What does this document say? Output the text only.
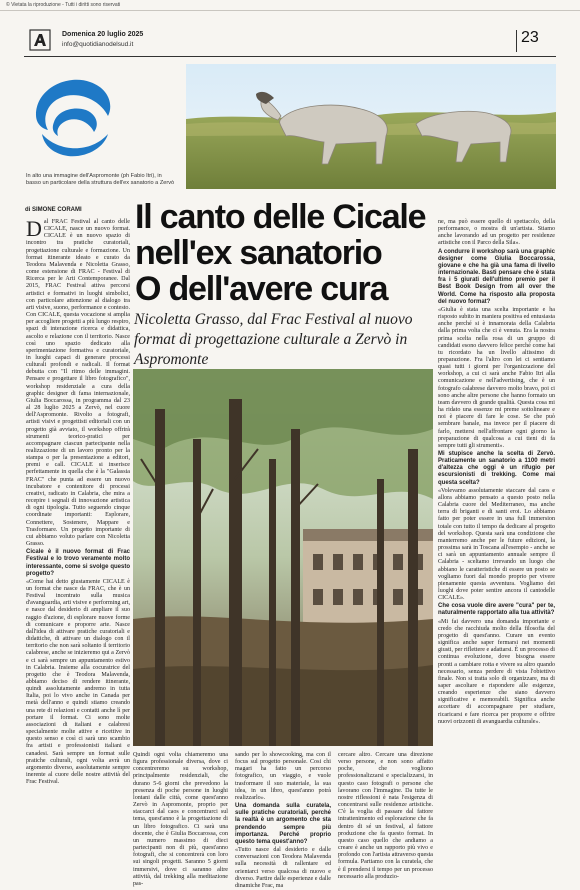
© Vietata la riproduzione - Tutti i diritti sono riservati
Domenica 20 luglio 2025
info@quotidianodelsud.it	23
In alto una immagine dell'Aspromonte (ph Fabio Itri), in basso un particolare della struttura dell'ex sanatorio a Zervò
di SIMONE CORAMI Il canto delle Cicale
nell'ex sanatorio
O dell'avere cura
Nicoletta Grasso, dal Frac Festival al nuovo format di progettazione culturale a Zervò in Aspromonte

Dal FRAC Festival al canto delle CICALE, nasce un nuovo format. CICALE è un nuovo spazio di incontro tra pratiche curatoriali, progettazione culturale e formazione. Un format itinerante ideato e curato da Teodora Malavenda e Nicoletta Grasso, come estensione di FRAC - Festival di Ricerca per le Arti Contemporanee. Dal 2015, FRAC Festival attiva percorsi artistici e formativi in luoghi simbolici, con particolare attenzione al dialogo tra arti visive, suono, performance e contesto. Con CICALE, questa vocazione si amplia per accogliere progetti a più lungo respiro, spazi di interazione ricerca e didattica, ascolto e relazione con il territorio. Nasce così uno spazio dedicato alla sperimentazione formativa e curatoriale, in luoghi capaci di generare processi culturali profondi e radicali. Il format debutta con "Il ritmo delle immagini. Pensare e progettare il libro fotografico", workshop residenziale a cura della graphic designer di fama internazionale, Giulia Boccarossa, in programma dal 23 al 28 luglio 2025 a Zervò, nel cuore dell'Aspromonte. Rivolto a fotografi, artisti visivi e progettisti editoriali con un progetto già avviato, il workshop offrirà strumenti teorico-pratici per accompagnare ciascun partecipante nella realizzazione di un lavoro pronto per la stampa o per la presentazione a editori, premi e call. CICALE si inserisce perfettamente in quella che è la "Galassia FRAC" che punta ad essere un nuovo incubatore e contenitore di processi creativi, radicato in Calabria, che mira a recepire i segnali di innovazione artistica di ogni tipologia. Tutto seguendo cinque coordinate importanti: Esplorare, Connettere, Sostenere, Mappare e Trasformare. Un progetto importante di cui abbiamo voluto parlare con Nicoletta Grasso.

Cicale è il nuovo format di Frac Festival e lo trovo veramente molto interessante, come si svolge questo progetto?

«Come hai detto giustamente CICALE è un format che nasce da FRAC, che è un Festival incentrato sulla musica d'avanguardia, arti visive e performing art, e nasce dal desiderio di ampliare il suo raggio d'azione, di esplorare nuove forme di comunicare e proporre arte. Nasce dall'idea di attivare pratiche curatoriali e didattiche, di attivare un dialogo con il territorio che non sarà soltanto il territorio calabrese, anche se inizieremo qui a Zervò e ci sarà sempre un appuntamento estivo in Calabria. Insieme alla cocuratrice del progetto che è Teodora Malavenda, abbiamo deciso di rendere itinerante, quindi assolutamente andremo in tutta Italia, poi lo vivo anche in Canada per metà dell'anno e quindi stiamo creando una rete di relazioni e contatti anche lì per portare il format. Ci sono molte associazioni di italiani e calabresi specialmente molte attive e ricettive in questo senso e così ci sarà uno scambio fra artisti e professionisti italiani e canadesi. Sarà sempre un format sulle pratiche culturali, ogni volta avrà un argomento diverso, assolutamente sempre inerente al cuore delle nostre attività del Frac Festival.

Quindi ogni volta chiameremo una figura professionale diversa, dove ci concentreremo su workshop, principalmente residenziali, che durano 5-6 giorni che prevedono la presenza di poche persone in luoghi lontani dalle città, come quest'anno Zervò in Aspromonte, proprio per staccarci dal caos e concentrarci sul tema, quest'anno è la progettazione di un libro fotografico. Ci sarà una docente, che è Giulia Boccarossa, con un numero massimo di dieci partecipanti non di più, quest'anno fotografi, che si concentrerà con loro sui singoli progetti. Saranno 5 giorni immersivi, dove ci saranno altre attività, dal trekking alla meditazione pas-

sando per lo showcooking, ma con il focus sul progetto personale. Cosi chi magari ha fatto un percorso fotografico, un viaggio, e vuole trasformare il suo materiale, la sua idea, in un libro, quest'anno potrà realizzarlo».

Una domanda sulla curatela, sulle pratiche curatoriali, perché la realtà è un argomento che sta prendendo sempre più importanza. Perché proprio questo tema quest'anno?

«Tutto nasce dal desiderio e dalle conversazioni con Teodora Malavenda sulla necessità di rallentare ed orientarci verso qualcosa di nuovo e diverso. Partire dalle esperienze e dalle dinamiche Frac, ma

cercare altro. Cercare una direzione verso persone, e non sono affatto poche, che vogliono professionalizzarsi e specializzarsi, in questo caso fotografi o persone che lavorano con l'immagine. Da tutte le nostre riflessioni è nata l'esigenza di concentrarsi sulle residenze artistiche. C'è la voglia di passare dal fattore intrattenimento ed esplorazione che fa dentro di sé un festival, al fattore produzione che fa questo format. In questo caso quello che andiamo a creare è anche un rapporto più vivo e profondo con l'artista attraverso questa formula. Partiamo con la curatela, che è il prendersi il tempo per un processo necessario alla produzio-

ne, ma può essere quello di spettacolo, della performance, o mostra di un'artista. Stiamo anche lavorando ad un progetto per residenze artistiche con il Parco della Sila».

A condurre il workshop sarà una graphic designer come Giulia Boccarossa, giovane e che ha già una fama di livello internazionale. Basti pensare che è stata fra i 5 giurati dell'ultimo premio per il Best Book Design from all over the World. Come ha risposto alla proposta del nuovo format?

«Giulia è stata una scelta importante e ha risposto subito in maniera positiva ed entusiasta anche perché si è innamorata della Calabria dalla prima volta che ci è venuta. Era la nostra prima scelta nella rosa di un gruppo di candidati esono davvero felice perché come hai tu ricordato ha un livello altissimo di preparazione. Fra l'altro con lei ci sentiamo quasi tutti i giorni per l'organizzazione del workshop, a cui ci sarà anche Fabio Itri alla comunicazione e nell'advertising, che è un fotografo calabrese davvero molto bravo, poi ci sono anche altre persone che hanno formato un team davvero di grande qualità. Questa cosa mi ha ridato una essenze mi preme sottolineare e noi è piacere di fare le cose. Se che può sembrare banale, ma invece per il piacere di farlo, mettersi nell'affrontare ogni giorno la preparazione di qualcosa a cui tieni di fa sempre tutti gli strumenti».

Mi stupisce anche la scelta di Zervò. Praticamente un sanatorio a 1100 metri d'altezza che oggi è un rifugio per escursionisti di trekking. Come mai questa scelta?

«Volevamo assolutamente staccare dal caos e allora abbiamo pensato a questo posto nella Calabria cuore del Mediterraneo, ma anche terra di briganti e di santi eroi. Lo abbiamo fatto per poter essere in una full immersion totale con tutto il tempo da dedicare al progetto del workshop. Questa sarà una condizione che manterremo anche per le future edizioni, la prossima sarà in Toscana all'esempio - anche se ci sarà un appuntamento annuale sempre il Calabria - sceltamo irrevando un luogo che abbiano le caratteristiche di essere un posto se vogliamo fuori dal mondo proprio per vivere pienamente questa avventura. Vogliamo dei luoghi dove poter sentire ancora il cantodelle CICALE».

Che cosa vuole dire avere "cura" per te, naturalmente rapportato alla tua attività?

«Mi fai davvero una domanda importante e credo che racchiuda molto della filosofia del progetto di quest'anno. Curare un evento significa anche saper fermarsi nei momenti giusti, per riflettere e adattarsi. È un processo di continua evoluzione, dove bisogna essere pronti a cambiare rotta e vivere su altro quando necessario, senza perdere di vista l'obiettivo finale. Non si tratta solo di organizzare, ma di saper ascoltare e rispondere alle esigenze, creando esperienze che siano davvero significative e memorabili. Significa anche accettare di accompagnare per studiare, ricaricarsi e fare ricerca per proporre e offrire nuovi orizzonti di avanguardia culturale».
